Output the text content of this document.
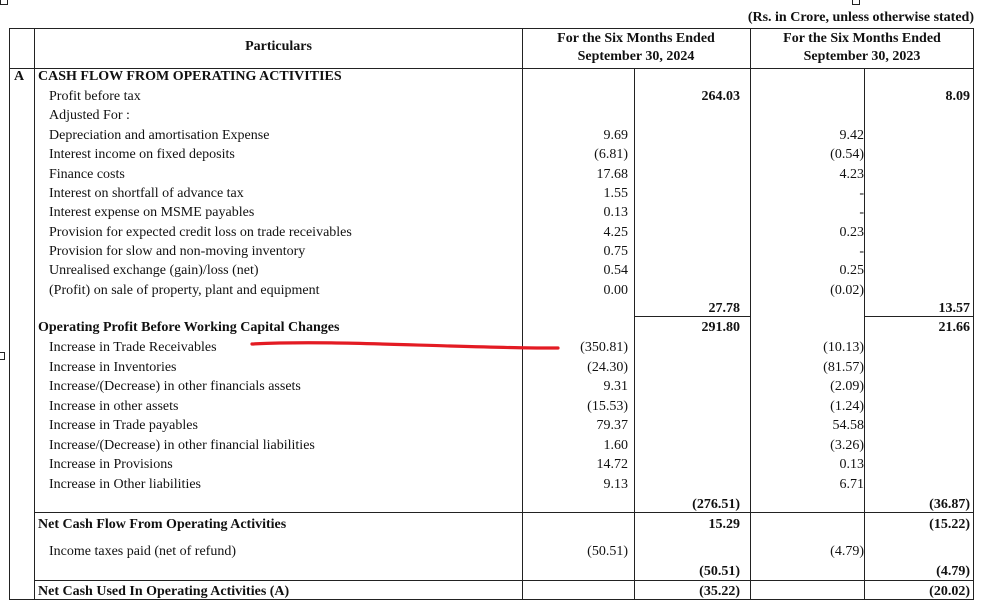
(Rs. in Crore, unless otherwise stated)
Particulars
For the Six Months Ended
September 30, 2024
For the Six Months Ended
September 30, 2023
A CASH FLOW FROM OPERATING ACTIVITIES
Profit before tax	264.03	8.09
Adjusted For :
Depreciation and amortisation Expense	9.69	9.42
Interest income on fixed deposits	(6.81)	(0.54)
Finance costs	17.68	4.23
Interest on shortfall of advance tax	1.55	-
Interest expense on MSME payables	0.13	-
Provision for expected credit loss on trade receivables	4.25	0.23
Provision for slow and non-moving inventory	0.75	-
Unrealised exchange (gain)/loss (net)	0.54	0.25
(Profit) on sale of property, plant and equipment	0.00	(0.02)
27.78	13.57
Operating Profit Before Working Capital Changes	291.80	21.66
Increase in Trade Receivables	(350.81)	(10.13)
Increase in Inventories	(24.30)	(81.57)
Increase/(Decrease) in other financials assets	9.31	(2.09)
Increase in other assets	(15.53)	(1.24)
Increase in Trade payables	79.37	54.58
Increase/(Decrease) in other financial liabilities	1.60	(3.26)
Increase in Provisions	14.72	0.13
Increase in Other liabilities	9.13	6.71
(276.51)	(36.87)
Net Cash Flow From Operating Activities	15.29	(15.22)
Income taxes paid (net of refund)	(50.51)	(4.79)
(50.51)	(4.79)
Net Cash Used In Operating Activities (A)	(35.22)	(20.02)
